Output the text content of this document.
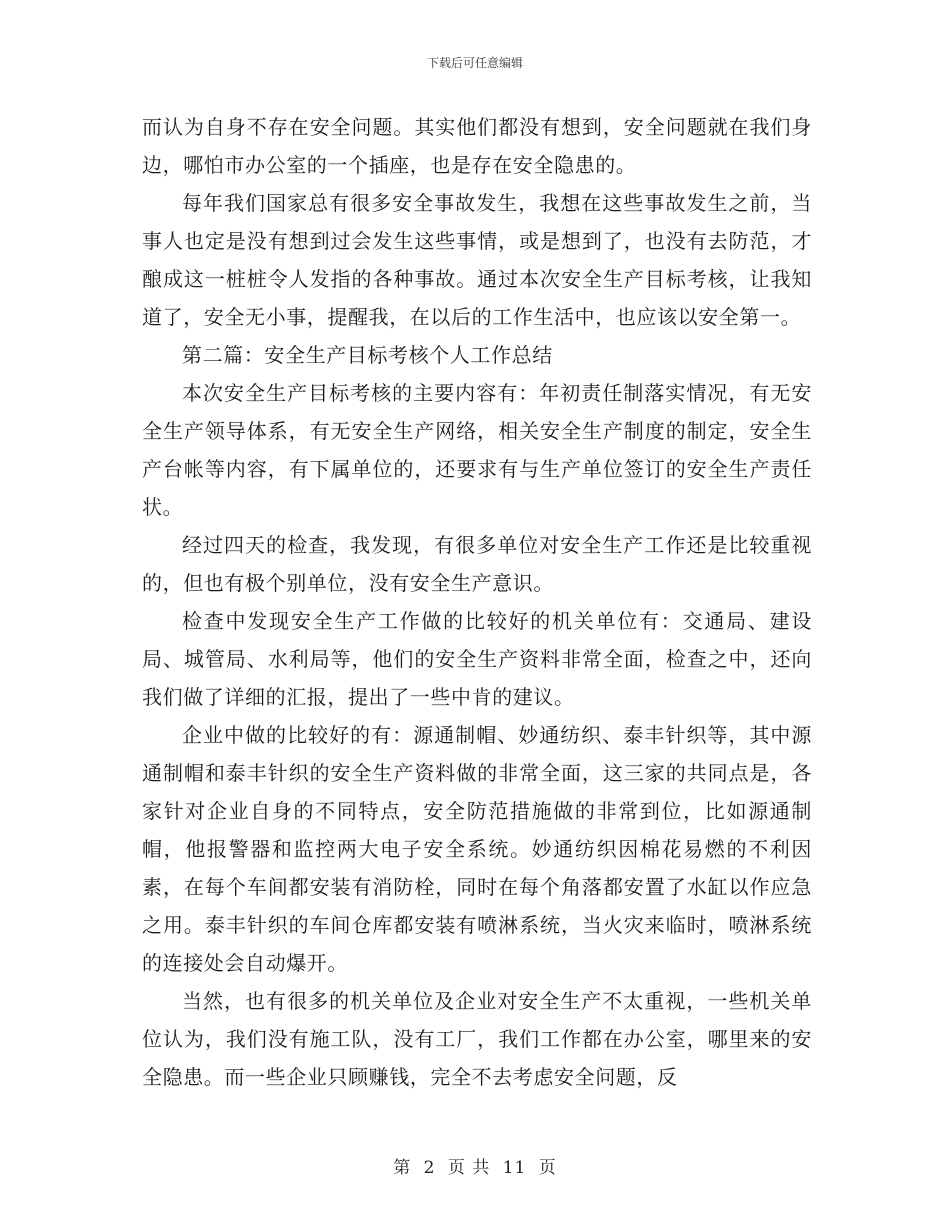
下载后可任意编辑

而认为自身不存在安全问题。其实他们都没有想到，安全问题就在我们身边，哪怕市办公室的一个插座，也是存在安全隐患的。

每年我们国家总有很多安全事故发生，我想在这些事故发生之前，当事人也定是没有想到过会发生这些事情，或是想到了，也没有去防范，才酿成这一桩桩令人发指的各种事故。通过本次安全生产目标考核，让我知道了，安全无小事，提醒我，在以后的工作生活中，也应该以安全第一。

第二篇：安全生产目标考核个人工作总结

本次安全生产目标考核的主要内容有：年初责任制落实情况，有无安全生产领导体系，有无安全生产网络，相关安全生产制度的制定，安全生产台帐等内容，有下属单位的，还要求有与生产单位签订的安全生产责任状。

经过四天的检查，我发现，有很多单位对安全生产工作还是比较重视的，但也有极个别单位，没有安全生产意识。

检查中发现安全生产工作做的比较好的机关单位有：交通局、建设局、城管局、水利局等，他们的安全生产资料非常全面，检查之中，还向我们做了详细的汇报，提出了一些中肯的建议。

企业中做的比较好的有：源通制帽、妙通纺织、泰丰针织等，其中源通制帽和泰丰针织的安全生产资料做的非常全面，这三家的共同点是，各家针对企业自身的不同特点，安全防范措施做的非常到位，比如源通制帽，他报警器和监控两大电子安全系统。妙通纺织因棉花易燃的不利因素，在每个车间都安装有消防栓，同时在每个角落都安置了水缸以作应急之用。泰丰针织的车间仓库都安装有喷淋系统，当火灾来临时，喷淋系统的连接处会自动爆开。

当然，也有很多的机关单位及企业对安全生产不太重视，一些机关单位认为，我们没有施工队，没有工厂，我们工作都在办公室，哪里来的安全隐患。而一些企业只顾赚钱，完全不去考虑安全问题，反

第 2 页 共 11 页
